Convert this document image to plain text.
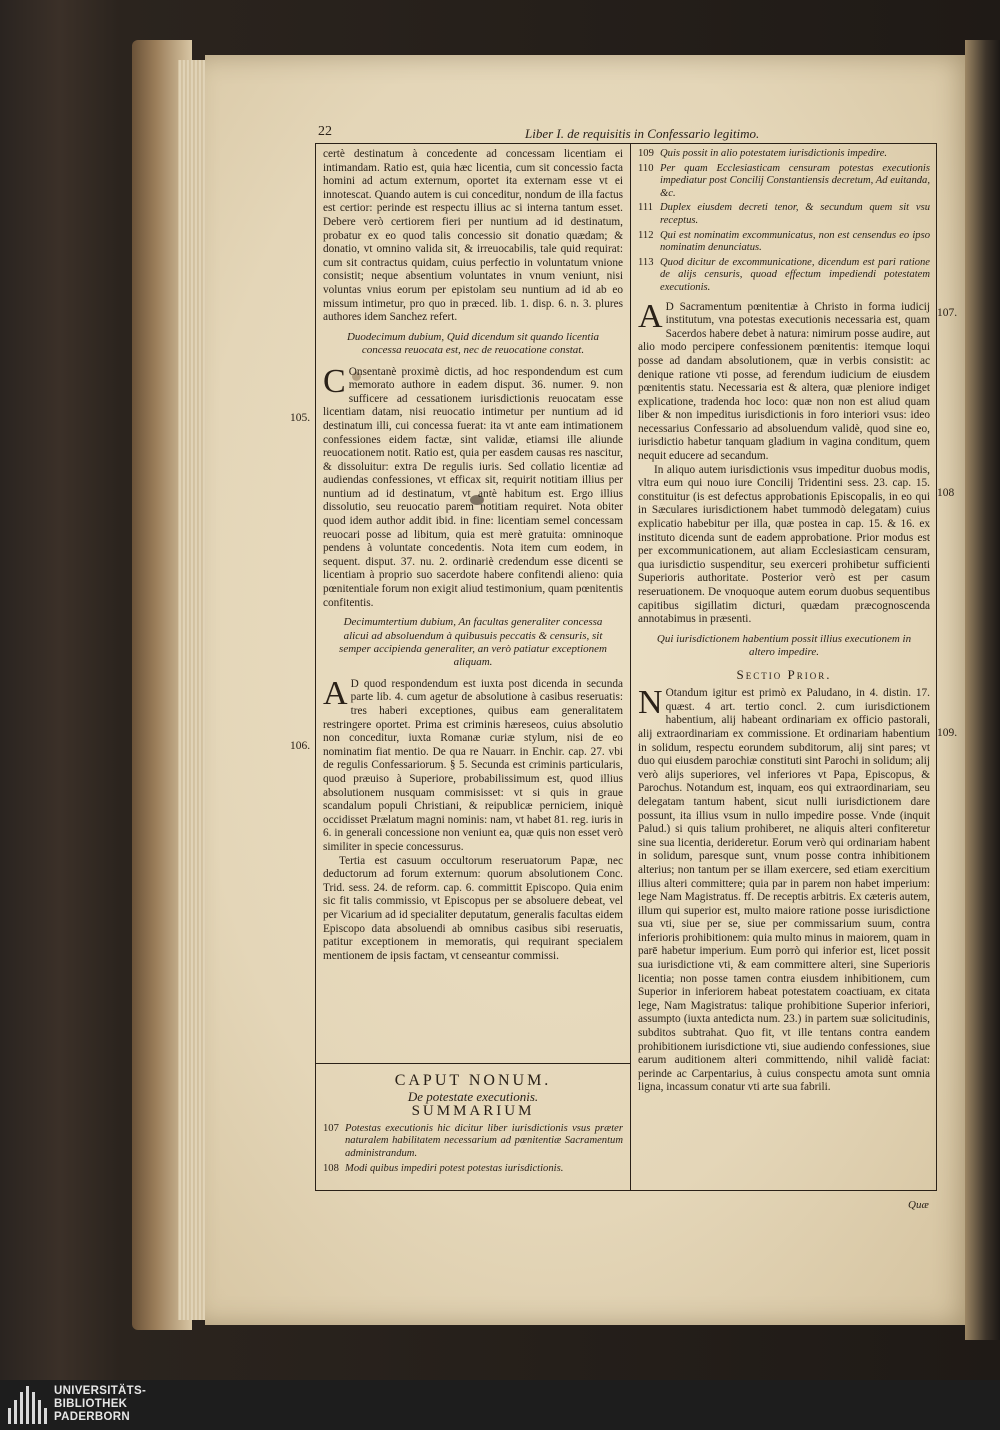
22	Liber I. de requisitis in Confessario legitimo.

certè destinatum à concedente ad concessam licentiam ei intimandam. Ratio est, quia hæc licentia, cum sit concessio facta homini ad actum externum, oportet ita externam esse vt ei innotescat. Quando autem is cui conceditur, nondum de illa factus est certior: perinde est respectu illius ac si interna tantum esset. Debere verò certiorem fieri per nuntium ad id destinatum, probatur ex eo quod talis concessio sit donatio quædam; & donatio, vt omnino valida sit, & irreuocabilis, tale quid requirat: cum sit contractus quidam, cuius perfectio in voluntatum vnione consistit; neque absentium voluntates in vnum veniunt, nisi voluntas vnius eorum per epistolam seu nuntium ad id ab eo missum intimetur, pro quo in præced. lib. 1. disp. 6. n. 3. plures authores idem Sanchez refert.

Duodecimum dubium, Quid dicendum sit quando licentia concessa reuocata est, nec de reuocatione constat.

C Onsentanè proximè dictis, ad hoc respondendum est cum memorato authore in eadem disput. 36. numer. 9. non sufficere ad cessationem iurisdictionis reuocatam esse licentiam datam, nisi reuocatio intimetur per nuntium ad id destinatum illi, cui concessa fuerat: ita vt ante eam intimationem confessiones eidem factæ, sint validæ, etiamsi ille aliunde reuocationem notit. Ratio est, quia per easdem causas res nascitur, & dissoluitur: extra De regulis iuris. Sed collatio licentiæ ad audiendas confessiones, vt efficax sit, requirit notitiam illius per nuntium ad id destinatum, vt antè habitum est. Ergo illius dissolutio, seu reuocatio parem notitiam requiret. Nota obiter quod idem author addit ibid. in fine: licentiam semel concessam reuocari posse ad libitum, quia est merè gratuita: omninoque pendens à voluntate concedentis. Nota item cum eodem, in sequent. disput. 37. nu. 2. ordinariè credendum esse dicenti se licentiam à proprio suo sacerdote habere confitendi alieno: quia pœnitentiale forum non exigit aliud testimonium, quam pœnitentis confitentis.

Decimumtertium dubium, An facultas generaliter concessa alicui ad absoluendum à quibusuis peccatis & censuris, sit semper accipienda generaliter, an verò patiatur exceptionem aliquam.

A D quod respondendum est iuxta post dicenda in secunda parte lib. 4. cum agetur de absolutione à casibus reseruatis: tres haberi exceptiones, quibus eam generalitatem restringere oportet. Prima est criminis hæreseos, cuius absolutio non conceditur, iuxta Romanæ curiæ stylum, nisi de eo nominatim fiat mentio. De qua re Nauarr. in Enchir. cap. 27. vbi de regulis Confessariorum. § 5. Secunda est criminis particularis, quod præuiso à Superiore, probabilissimum est, quod illius absolutionem nusquam commisisset: vt si quis in graue scandalum populi Christiani, & reipublicæ perniciem, iniquè occidisset Prælatum magni nominis: nam, vt habet 81. reg. iuris in 6. in generali concessione non veniunt ea, quæ quis non esset verò similiter in specie concessurus.

Tertia est casuum occultorum reseruatorum Papæ, nec deductorum ad forum externum: quorum absolutionem Conc. Trid. sess. 24. de reform. cap. 6. committit Episcopo. Quia enim sic fit talis commissio, vt Episcopus per se absoluere debeat, vel per Vicarium ad id specialiter deputatum, generalis facultas eidem Episcopo data absoluendi ab omnibus casibus sibi reseruatis, patitur exceptionem in memoratis, qui requirant specialem mentionem de ipsis factam, vt censeantur commissi.

105.
106.
CAPUT NONUM.
De potestate executionis.
SUMMARIUM
107 Potestas executionis hic dicitur liber iurisdictionis vsus præter naturalem habilitatem necessarium ad pœnitentiæ Sacramentum administrandum.
108 Modi quibus impediri potest potestas iurisdictionis.
109 Quis possit in alio potestatem iurisdictionis impedire.
110 Per quam Ecclesiasticam censuram potestas executionis impediatur post Concilij Constantiensis decretum, Ad euitanda, &c.
111 Duplex eiusdem decreti tenor, & secundum quem sit vsu receptus.
112 Qui est nominatim excommunicatus, non est censendus eo ipso nominatim denunciatus.
113 Quod dicitur de excommunicatione, dicendum est pari ratione de alijs censuris, quoad effectum impediendi potestatem executionis.

A D Sacramentum pœnitentiæ à Christo in forma iudicij institutum, vna potestas executionis necessaria est, quam Sacerdos habere debet à natura: nimirum posse audire, aut alio modo percipere confessionem pœnitentis: itemque loqui posse ad dandam absolutionem, quæ in verbis consistit: ac denique ratione vti posse, ad ferendum iudicium de eiusdem pœnitentis statu. Necessaria est & altera, quæ pleniore indiget explicatione, tradenda hoc loco: quæ non non est aliud quam liber & non impeditus iurisdictionis in foro interiori vsus: ideo necessarius Confessario ad absoluendum validè, quod sine eo, iurisdictio habetur tanquam gladium in vagina conditum, quem nequit educere ad secandum.

In aliquo autem iurisdictionis vsus impeditur duobus modis, vltra eum qui nouo iure Concilij Tridentini sess. 23. cap. 15. constituitur (is est defectus approbationis Episcopalis, in eo qui in Sæculares iurisdictionem habet tummodò delegatam) cuius explicatio habebitur per illa, quæ postea in cap. 15. & 16. ex instituto dicenda sunt de eadem approbatione. Prior modus est per excommunicationem, aut aliam Ecclesiasticam censuram, qua iurisdictio suspenditur, seu exerceri prohibetur sufficienti Superioris authoritate. Posterior verò est per casum reseruationem. De vnoquoque autem eorum duobus sequentibus capitibus sigillatim dicturi, quædam præcognoscenda annotabimus in præsenti.

Qui iurisdictionem habentium possit illius executionem in altero impedire.
Sectio Prior.

N Otandum igitur est primò ex Paludano, in 4. distin. 17. quæst. 4 art. tertio concl. 2. cum iurisdictionem habentium, alij habeant ordinariam ex officio pastorali, alij extraordinariam ex commissione. Et ordinariam habentium in solidum, respectu eorundem subditorum, alij sint pares; vt duo qui eiusdem parochiæ constituti sint Parochi in solidum; alij verò alijs superiores, vel inferiores vt Papa, Episcopus, & Parochus. Notandum est, inquam, eos qui extraordinariam, seu delegatam tantum habent, sicut nulli iurisdictionem dare possunt, ita illius vsum in nullo impedire posse. Vnde (inquit Palud.) si quis talium prohiberet, ne aliquis alteri confiteretur sine sua licentia, derideretur. Eorum verò qui ordinariam habent in solidum, paresque sunt, vnum posse contra inhibitionem alterius; non tantum per se illam exercere, sed etiam exercitium illius alteri committere; quia par in parem non habet imperium: lege Nam Magistratus. ff. De receptis arbitris. Ex cæteris autem, illum qui superior est, multo maiore ratione posse iurisdictione sua vti, siue per se, siue per commissarium suum, contra inferioris prohibitionem: quia multo minus in maiorem, quam in parē habetur imperium. Eum porrò qui inferior est, licet possit sua iurisdictione vti, & eam committere alteri, sine Superioris licentia; non posse tamen contra eiusdem inhibitionem, cum Superior in inferiorem habeat potestatem coactiuam, ex citata lege, Nam Magistratus: talique prohibitione Superior inferiori, assumpto (iuxta antedicta num. 23.) in partem suæ solicitudinis, subditos subtrahat. Quo fit, vt ille tentans contra eandem prohibitionem iurisdictione vti, siue audiendo confessiones, siue earum auditionem alteri committendo, nihil validè faciat: perinde ac Carpentarius, à cuius conspectu amota sunt omnia ligna, incassum conatur vti arte sua fabrili.

107.
108
109.
Quæ
UNIVERSITÄTS-
BIBLIOTHEK
PADERBORN
